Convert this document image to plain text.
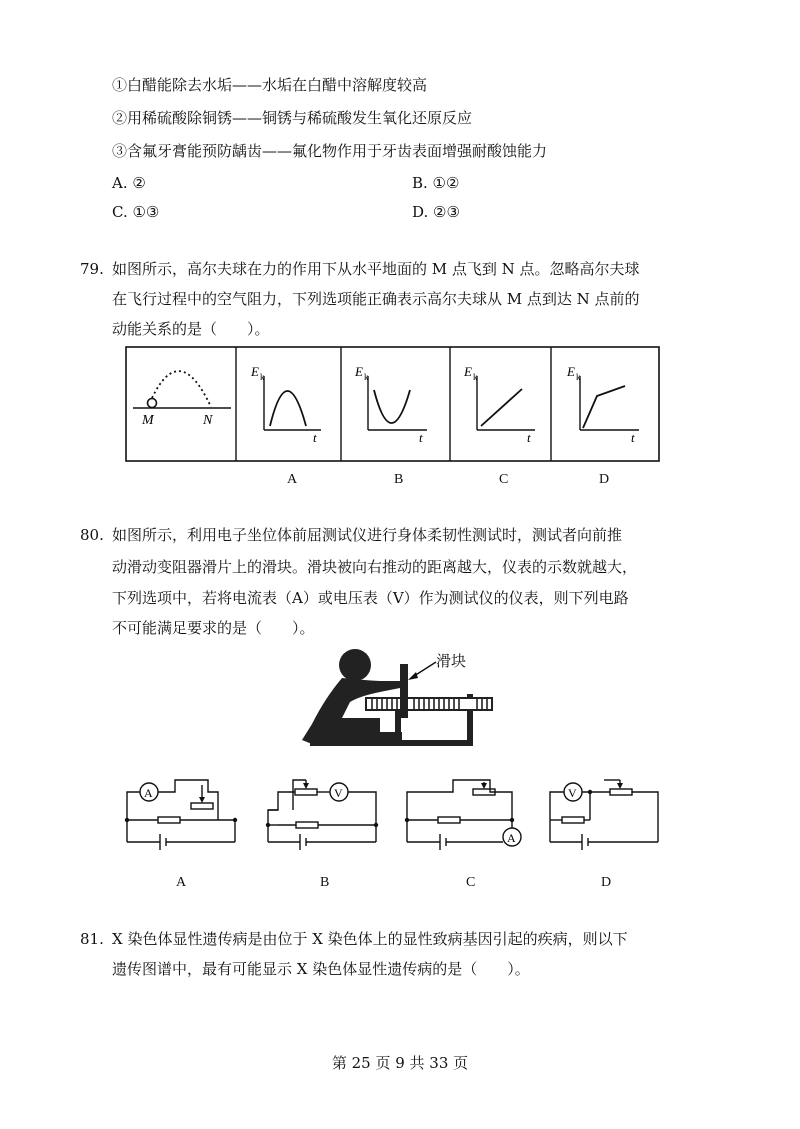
①白醋能除去水垢——水垢在白醋中溶解度较高
②用稀硫酸除铜锈——铜锈与稀硫酸发生氧化还原反应
③含氟牙膏能预防龋齿——氟化物作用于牙齿表面增强耐酸蚀能力
A. ②	B. ①②
C. ①③	D. ②③
79. 如图所示，高尔夫球在力的作用下从水平地面的 M 点飞到 N 点。忽略高尔夫球
在飞行过程中的空气阻力，下列选项能正确表示高尔夫球从 M 点到达 N 点前的
动能关系的是（　　）。
M	N
E k
t
E k
t
E k
t
E k
t
A	B	C	D
80. 如图所示，利用电子坐位体前屈测试仪进行身体柔韧性测试时，测试者向前推
动滑动变阻器滑片上的滑块。滑块被向右推动的距离越大，仪表的示数就越大，
下列选项中，若将电流表（A）或电压表（V）作为测试仪的仪表，则下列电路
不可能满足要求的是（　　）。
滑块
A	V
A
V
A	B	C	D
81. X 染色体显性遗传病是由位于 X 染色体上的显性致病基因引起的疾病，则以下
遗传图谱中，最有可能显示 X 染色体显性遗传病的是（　　）。
第 25 页 9 共 33 页
